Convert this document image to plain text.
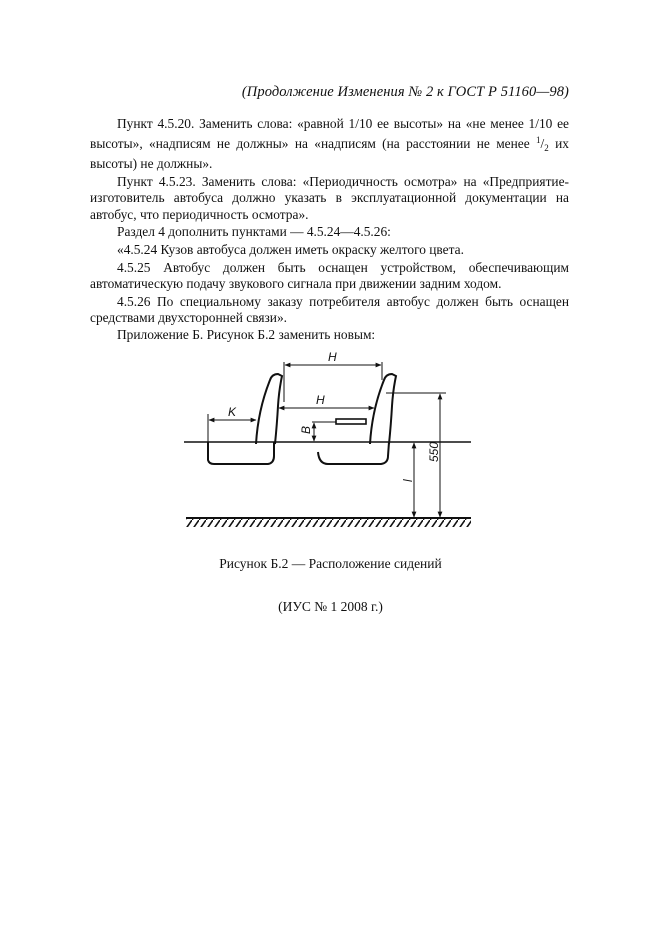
(Продолжение Изменения № 2 к ГОСТ Р 51160—98)

Пункт 4.5.20. Заменить слова: «равной 1/10 ее высоты» на «не менее 1/10 ее высоты», «надписям не должны» на «надписям (на расстоянии не менее $^1/_2$ их высоты) не должны».

Пункт 4.5.23. Заменить слова: «Периодичность осмотра» на «Предприятие-изготовитель автобуса должно указать в эксплуатационной документации на автобус, что периодичность осмотра».

Раздел 4 дополнить пунктами — 4.5.24—4.5.26:

«4.5.24 Кузов автобуса должен иметь окраску желтого цвета.

4.5.25 Автобус должен быть оснащен устройством, обеспечивающим автоматическую подачу звукового сигнала при движении задним ходом.

4.5.26 По специальному заказу потребителя автобус должен быть оснащен средствами двухсторонней связи».

Приложение Б. Рисунок Б.2 заменить новым:

H
H
K
B
l
550
Рисунок Б.2 — Расположение сидений
(ИУС № 1 2008 г.)
